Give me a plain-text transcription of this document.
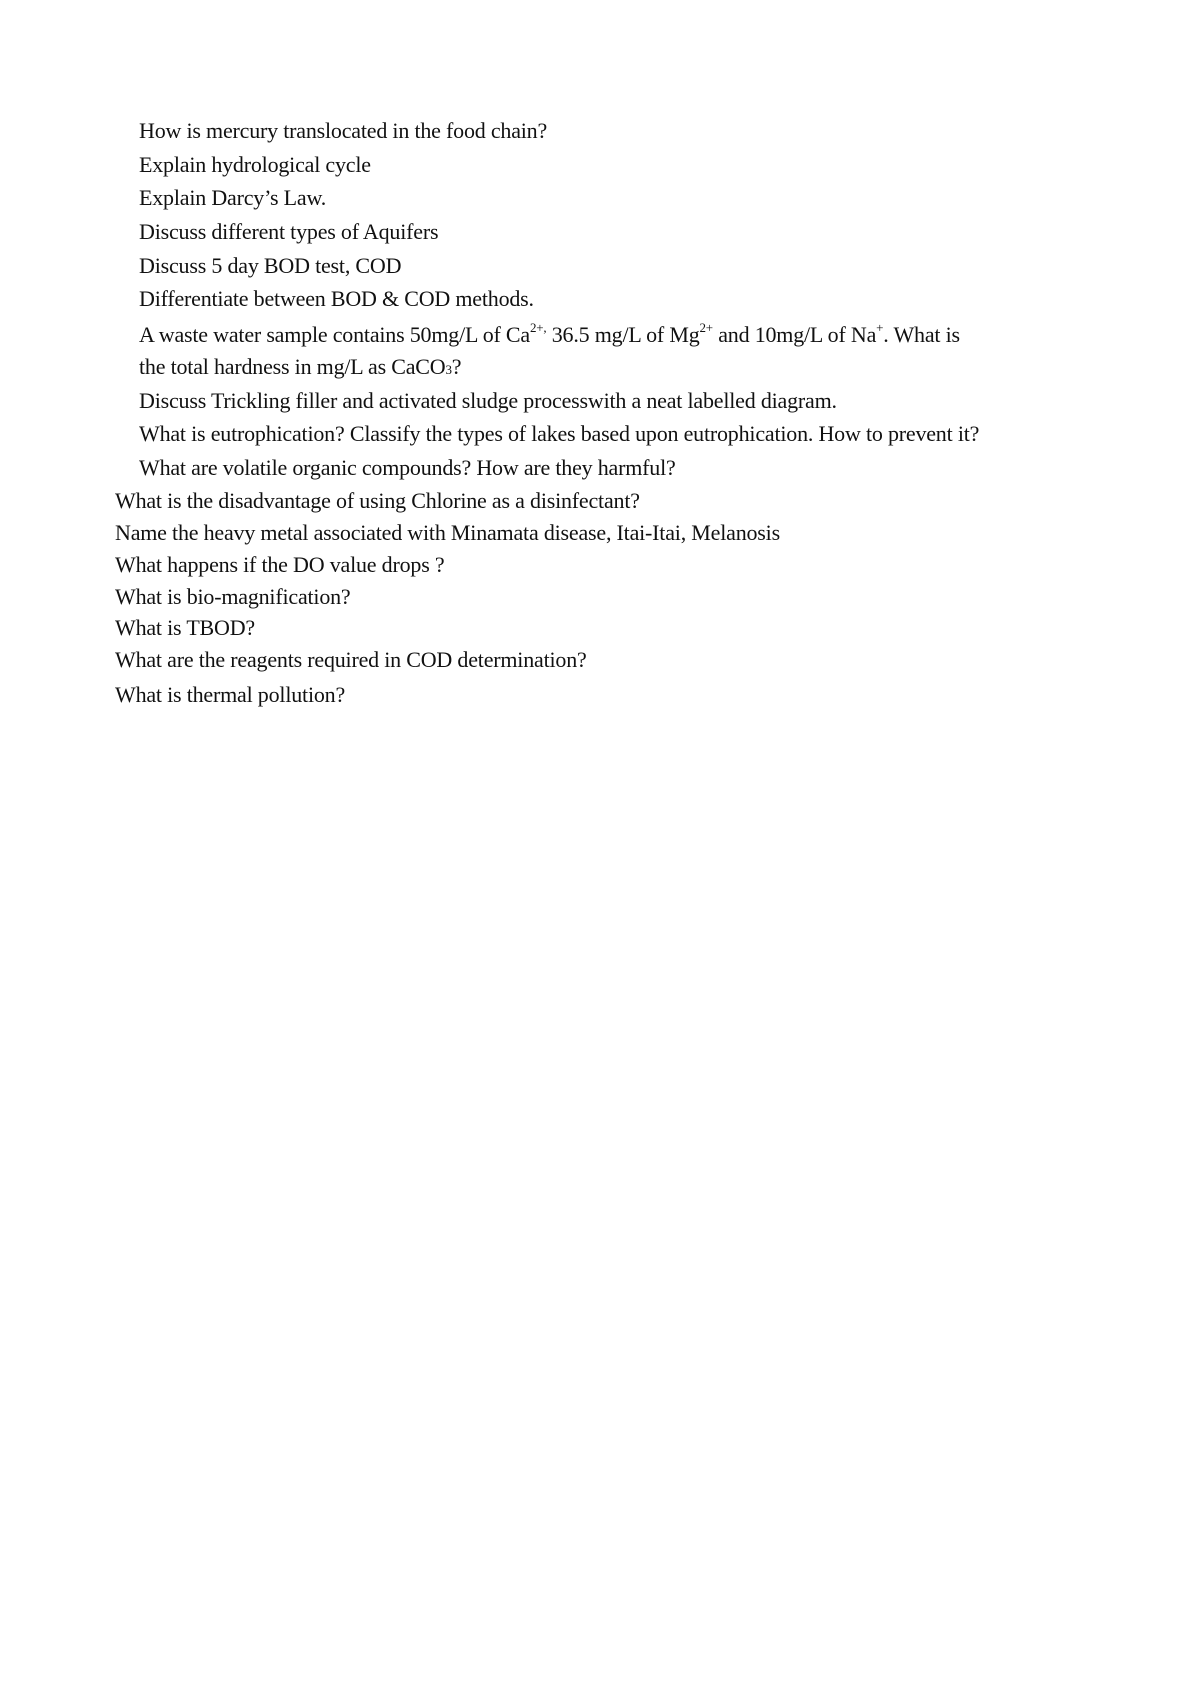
How is mercury translocated in the food chain?
Explain hydrological cycle
Explain Darcy’s Law.
Discuss different types of Aquifers
Discuss 5 day BOD test, COD
Differentiate between BOD & COD methods.
A waste water sample contains 50mg/L of $Ca^{2+,}$ 36.5 mg/L of $Mg^{2+}$ and 10mg/L of Na+. What is
the total hardness in mg/L as CaCO3?
Discuss Trickling filler and activated sludge processwith a neat labelled diagram.
What is eutrophication? Classify the types of lakes based upon eutrophication. How to prevent it?
What are volatile organic compounds? How are they harmful?
What is the disadvantage of using Chlorine as a disinfectant?
Name the heavy metal associated with Minamata disease, Itai-Itai, Melanosis
What happens if the DO value drops ?
What is bio-magnification?
What is TBOD?
What are the reagents required in COD determination?
What is thermal pollution?
